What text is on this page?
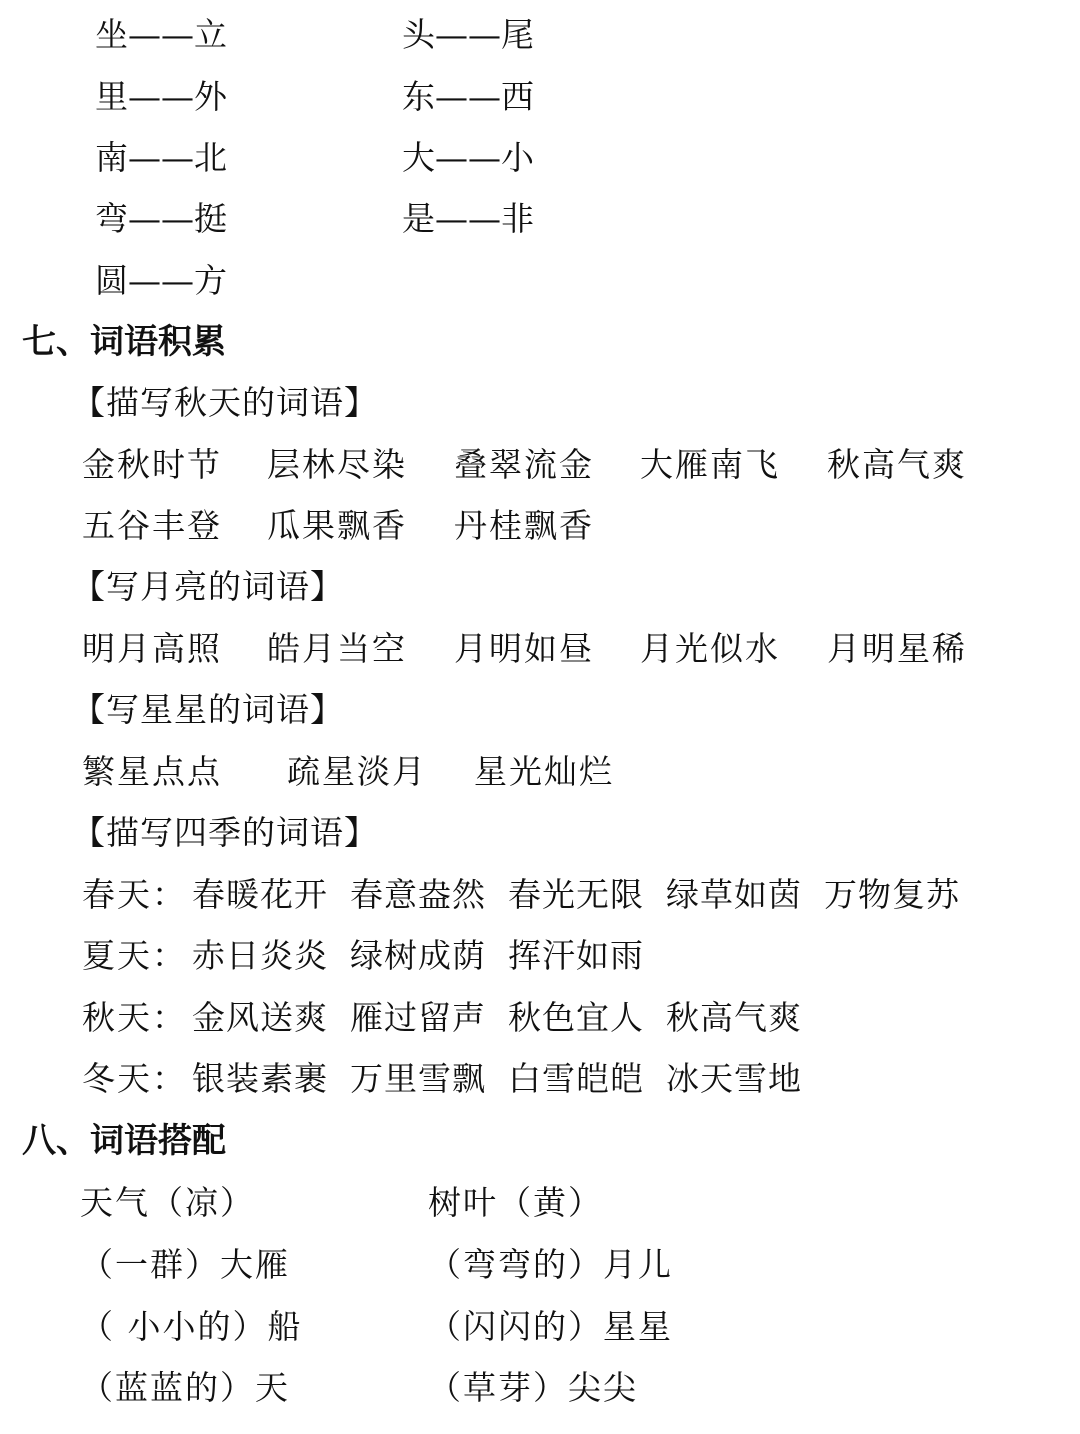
坐——立
里——外
南——北
弯——挺
圆——方
头——尾
东——西
大——小
是——非
七、词语积累
【描写秋天的词语】
金秋时节 层林尽染 叠翠流金 大雁南飞 秋高气爽
五谷丰登 瓜果飘香 丹桂飘香
【写月亮的词语】
明月高照 皓月当空 月明如昼 月光似水 月明星稀
【写星星的词语】
繁星点点 疏星淡月 星光灿烂
【描写四季的词语】
春天： 春暖花开 春意盎然 春光无限 绿草如茵 万物复苏
夏天： 赤日炎炎 绿树成荫 挥汗如雨
秋天： 金风送爽 雁过留声 秋色宜人 秋高气爽
冬天： 银装素裹 万里雪飘 白雪皑皑 冰天雪地
八、词语搭配
天气（凉）
（一群）大雁
（ 小小的）船
（蓝蓝的）天
树叶（黄）
（弯弯的）月儿
（闪闪的）星星
（草芽）尖尖
